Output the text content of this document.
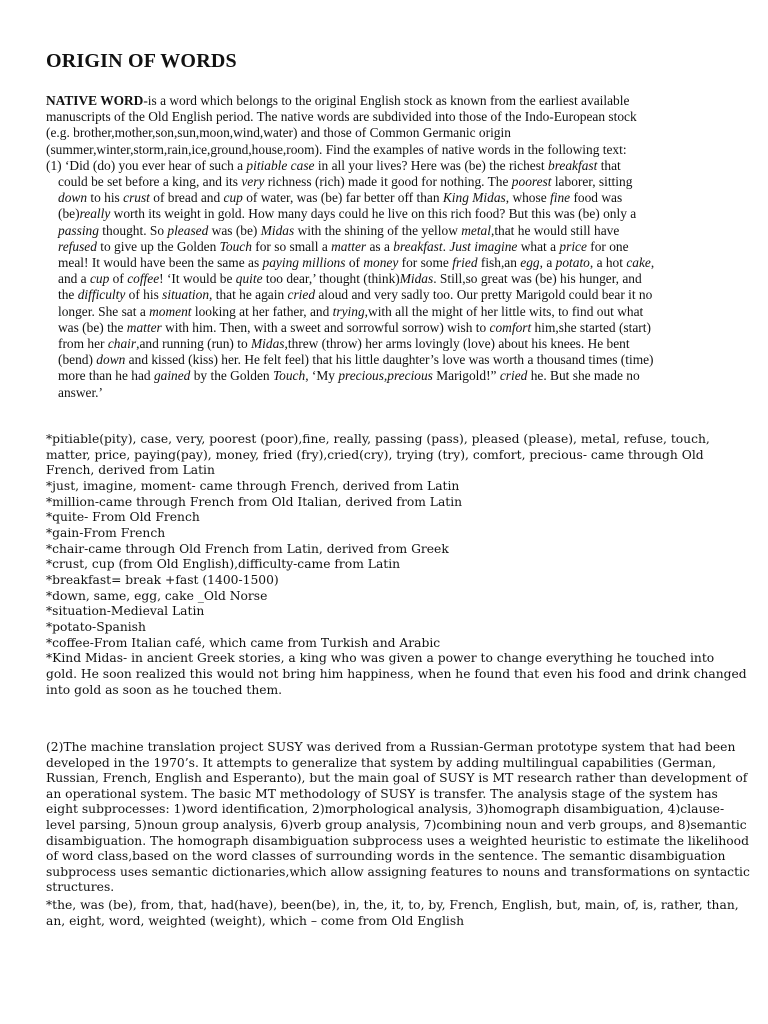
ORIGIN OF WORDS
NATIVE WORD-is a word which belongs to the original English stock as known from the earliest available
manuscripts of the Old English period. The native words are subdivided into those of the Indo-European stock
(e.g. brother,mother,son,sun,moon,wind,water) and those of Common Germanic origin
(summer,winter,storm,rain,ice,ground,house,room). Find the examples of native words in the following text:
(1) ‘Did (do) you ever hear of such a pitiable case in all your lives? Here was (be) the richest breakfast that
could be set before a king, and its very richness (rich) made it good for nothing. The poorest laborer, sitting
down to his crust of bread and cup of water, was (be) far better off than King Midas, whose fine food was
(be)really worth its weight in gold. How many days could he live on this rich food? But this was (be) only a
passing thought. So pleased was (be) Midas with the shining of the yellow metal,that he would still have
refused to give up the Golden Touch for so small a matter as a breakfast. Just imagine what a price for one
meal! It would have been the same as paying millions of money for some fried fish,an egg, a potato, a hot cake,
and a cup of coffee! ‘It would be quite too dear,’ thought (think)Midas. Still,so great was (be) his hunger, and
the difficulty of his situation, that he again cried aloud and very sadly too. Our pretty Marigold could bear it no
longer. She sat a moment looking at her father, and trying,with all the might of her little wits, to find out what
was (be) the matter with him. Then, with a sweet and sorrowful sorrow) wish to comfort him,she started (start)
from her chair,and running (run) to Midas,threw (throw) her arms lovingly (love) about his knees. He bent
(bend) down and kissed (kiss) her. He felt feel) that his little daughter’s love was worth a thousand times (time)
more than he had gained by the Golden Touch, ‘My precious,precious Marigold!” cried he. But she made no
answer.’
*pitiable(pity), case, very, poorest (poor),fine, really, passing (pass), pleased (please), metal, refuse, touch,
matter, price, paying(pay), money, fried (fry),cried(cry), trying (try), comfort, precious- came through Old
French, derived from Latin
*just, imagine, moment- came through French, derived from Latin
*million-came through French from Old Italian, derived from Latin
*quite- From Old French
*gain-From French
*chair-came through Old French from Latin, derived from Greek
*crust, cup (from Old English),difficulty-came from Latin
*breakfast= break +fast (1400-1500)
*down, same, egg, cake _Old Norse
*situation-Medieval Latin
*potato-Spanish
*coffee-From Italian café, which came from Turkish and Arabic
*Kind Midas- in ancient Greek stories, a king who was given a power to change everything he touched into
gold. He soon realized this would not bring him happiness, when he found that even his food and drink changed
into gold as soon as he touched them.
(2)The machine translation project SUSY was derived from a Russian-German prototype system that had been
developed in the 1970’s. It attempts to generalize that system by adding multilingual capabilities (German,
Russian, French, English and Esperanto), but the main goal of SUSY is MT research rather than development of
an operational system. The basic MT methodology of SUSY is transfer. The analysis stage of the system has
eight subprocesses: 1)word identification, 2)morphological analysis, 3)homograph disambiguation, 4)clause-
level parsing, 5)noun group analysis, 6)verb group analysis, 7)combining noun and verb groups, and 8)semantic
disambiguation. The homograph disambiguation subprocess uses a weighted heuristic to estimate the likelihood
of word class,based on the word classes of surrounding words in the sentence. The semantic disambiguation
subprocess uses semantic dictionaries,which allow assigning features to nouns and transformations on syntactic
structures.
*the, was (be), from, that, had(have), been(be), in, the, it, to, by, French, English, but, main, of, is, rather, than,
an, eight, word, weighted (weight), which – come from Old English
